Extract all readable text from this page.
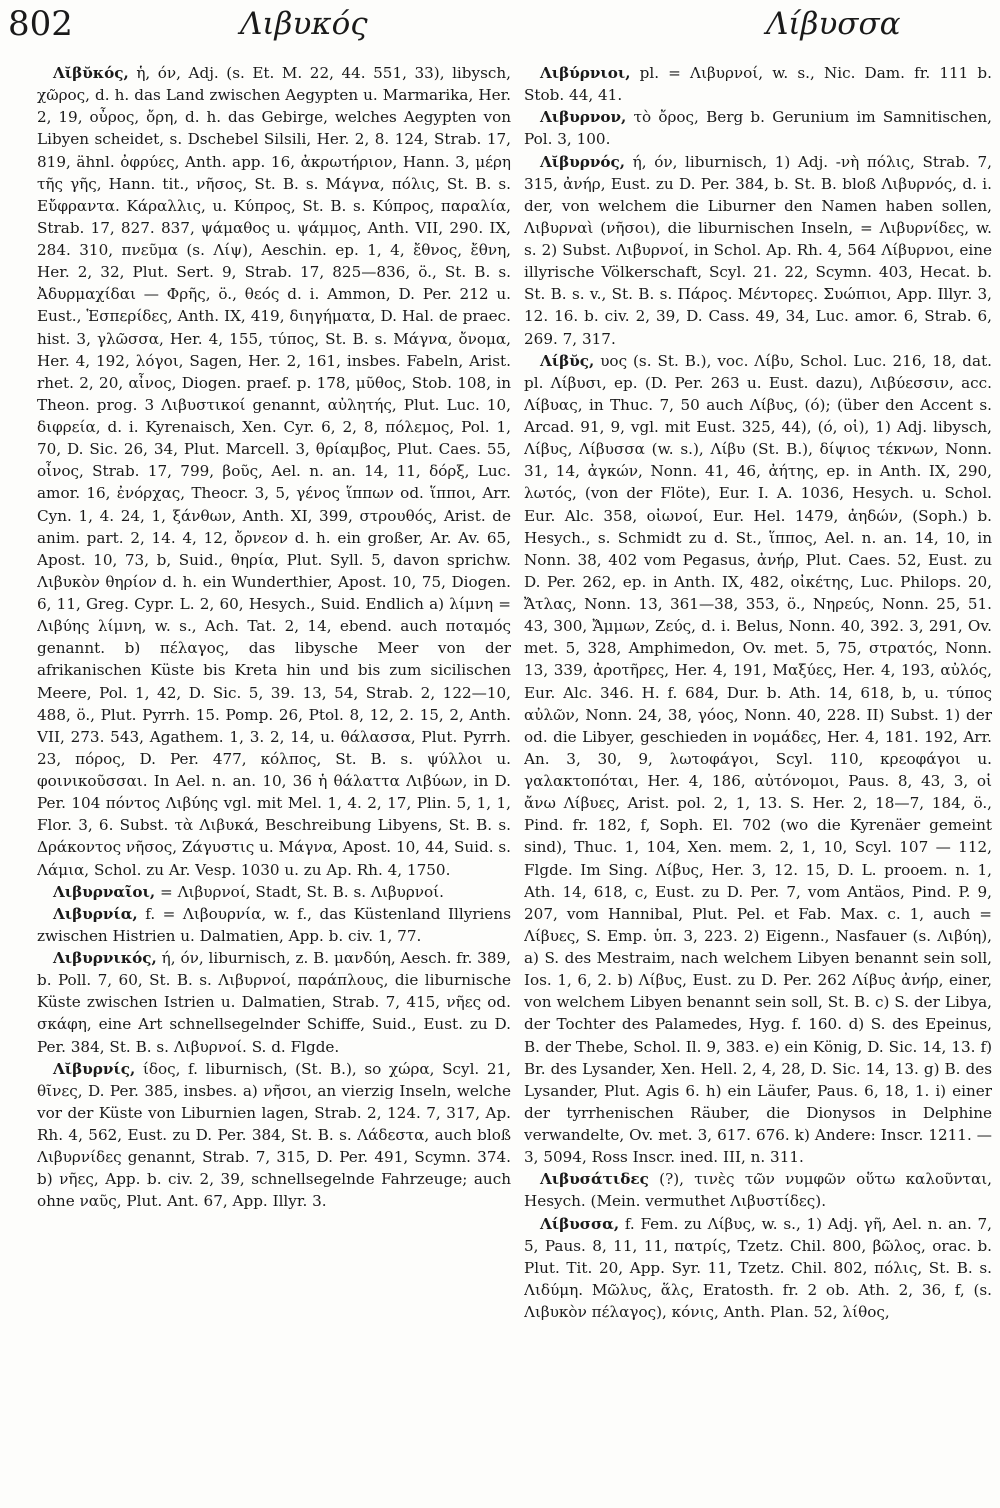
802	Λιβυκός	Λίβυσσα

Λῐβῠκός, ἡ, όν, Adj. (s. Et. M. 22, 44. 551, 33), libysch, χῶρος, d. h. das Land zwischen Aegypten u. Marmarika, Her. 2, 19, οὖρος, ὄρη, d. h. das Gebirge, welches Aegypten von Libyen scheidet, s. Dschebel Silsili, Her. 2, 8. 124, Strab. 17, 819, ähnl. ὀφρύες, Anth. app. 16, ἀκρωτήριον, Hann. 3, μέρη τῆς γῆς, Hann. tit., νῆσος, St. B. s. Μάγνα, πόλις, St. B. s. Εὔφραντα. Κάραλλις, u. Κύπρος, St. B. s. Κύπρος, παραλία, Strab. 17, 827. 837, ψάμαθος u. ψάμμος, Anth. VII, 290. IX, 284. 310, πνεῦμα (s. Λίψ), Aeschin. ep. 1, 4, ἔθνος, ἔθνη, Her. 2, 32, Plut. Sert. 9, Strab. 17, 825—836, ö., St. B. s. Ἀδυρμαχίδαι — Φρῆς, ö., θεός d. i. Ammon, D. Per. 212 u. Eust., Ἑσπερίδες, Anth. IX, 419, διηγήματα, D. Hal. de praec. hist. 3, γλῶσσα, Her. 4, 155, τύπος, St. B. s. Μάγνα, ὄνομα, Her. 4, 192, λόγοι, Sagen, Her. 2, 161, insbes. Fabeln, Arist. rhet. 2, 20, αἶνος, Diogen. praef. p. 178, μῦθος, Stob. 108, in Theon. prog. 3 Λιβυστικοί genannt, αὐλητής, Plut. Luc. 10, διφρεία, d. i. Kyrenaisch, Xen. Cyr. 6, 2, 8, πόλεμος, Pol. 1, 70, D. Sic. 26, 34, Plut. Marcell. 3, θρίαμβος, Plut. Caes. 55, οἶνος, Strab. 17, 799, βοῦς, Ael. n. an. 14, 11, δόρξ, Luc. amor. 16, ἐνόρχας, Theocr. 3, 5, γένος ἵππων od. ἵπποι, Arr. Cyn. 1, 4. 24, 1, ξάνθων, Anth. XI, 399, στρουθός, Arist. de anim. part. 2, 14. 4, 12, ὄρνεον d. h. ein großer, Ar. Av. 65, Apost. 10, 73, b, Suid., θηρία, Plut. Syll. 5, davon sprichw. Λιβυκὸν θηρίον d. h. ein Wunderthier, Apost. 10, 75, Diogen. 6, 11, Greg. Cypr. L. 2, 60, Hesych., Suid. Endlich a) λίμνη = Λιβύης λίμνη, w. s., Ach. Tat. 2, 14, ebend. auch ποταμός genannt. b) πέλαγος, das libysche Meer von der afrikanischen Küste bis Kreta hin und bis zum sicilischen Meere, Pol. 1, 42, D. Sic. 5, 39. 13, 54, Strab. 2, 122—10, 488, ö., Plut. Pyrrh. 15. Pomp. 26, Ptol. 8, 12, 2. 15, 2, Anth. VII, 273. 543, Agathem. 1, 3. 2, 14, u. θάλασσα, Plut. Pyrrh. 23, πόρος, D. Per. 477, κόλπος, St. B. s. ψύλλοι u. φοινικοῦσσαι. In Ael. n. an. 10, 36 ἡ θάλαττα Λιβύων, in D. Per. 104 πόντος Λιβύης vgl. mit Mel. 1, 4. 2, 17, Plin. 5, 1, 1, Flor. 3, 6. Subst. τὰ Λιβυκά, Beschreibung Libyens, St. B. s. Δράκοντος νῆσος, Ζάγυστις u. Μάγνα, Apost. 10, 44, Suid. s. Λάμια, Schol. zu Ar. Vesp. 1030 u. zu Ap. Rh. 4, 1750.

Λιβυρναῖοι, = Λιβυρνοί, Stadt, St. B. s. Λιβυρνοί.

Λιβυρνία, f. = Λιβουρνία, w. f., das Küstenland Illyriens zwischen Histrien u. Dalmatien, App. b. civ. 1, 77.

Λιβυρνικός, ή, όν, liburnisch, z. B. μανδύη, Aesch. fr. 389, b. Poll. 7, 60, St. B. s. Λιβυρνοί, παράπλους, die liburnische Küste zwischen Istrien u. Dalmatien, Strab. 7, 415, νῆες od. σκάφη, eine Art schnellsegelnder Schiffe, Suid., Eust. zu D. Per. 384, St. B. s. Λιβυρνοί. S. d. Flgde.

Λῐβυρνίς, ίδος, f. liburnisch, (St. B.), so χώρα, Scyl. 21, θῖνες, D. Per. 385, insbes. a) νῆσοι, an vierzig Inseln, welche vor der Küste von Liburnien lagen, Strab. 2, 124. 7, 317, Ap. Rh. 4, 562, Eust. zu D. Per. 384, St. B. s. Λάδεστα, auch bloß Λιβυρνίδες genannt, Strab. 7, 315, D. Per. 491, Scymn. 374. b) νῆες, App. b. civ. 2, 39, schnellsegelnde Fahrzeuge; auch ohne ναῦς, Plut. Ant. 67, App. Illyr. 3.

Λιβύρνιοι, pl. = Λιβυρνοί, w. s., Nic. Dam. fr. 111 b. Stob. 44, 41.

Λιβυρνον, τὸ ὄρος, Berg b. Gerunium im Samnitischen, Pol. 3, 100.

Λῐβυρνός, ή, όν, liburnisch, 1) Adj. -νὴ πόλις, Strab. 7, 315, ἀνήρ, Eust. zu D. Per. 384, b. St. B. bloß Λιβυρνός, d. i. der, von welchem die Liburner den Namen haben sollen, Λιβυρναὶ (νῆσοι), die liburnischen Inseln, = Λιβυρνίδες, w. s. 2) Subst. Λιβυρνοί, in Schol. Ap. Rh. 4, 564 Λίβυρνοι, eine illyrische Völkerschaft, Scyl. 21. 22, Scymn. 403, Hecat. b. St. B. s. v., St. B. s. Πάρος. Μέντορες. Συώπιοι, App. Illyr. 3, 12. 16. b. civ. 2, 39, D. Cass. 49, 34, Luc. amor. 6, Strab. 6, 269. 7, 317.

Λίβῠς, υος (s. St. B.), voc. Λίβυ, Schol. Luc. 216, 18, dat. pl. Λίβυσι, ep. (D. Per. 263 u. Eust. dazu), Λιβύεσσιν, acc. Λίβυας, in Thuc. 7, 50 auch Λίβυς, (ό); (über den Accent s. Arcad. 91, 9, vgl. mit Eust. 325, 44), (ό, οἱ), 1) Adj. libysch, Λίβυς, Λίβυσσα (w. s.), Λίβυ (St. B.), δίψιος τέκνων, Nonn. 31, 14, ἀγκών, Nonn. 41, 46, ἀήτης, ep. in Anth. IX, 290, λωτός, (von der Flöte), Eur. I. A. 1036, Hesych. u. Schol. Eur. Alc. 358, οἰωνοί, Eur. Hel. 1479, ἀηδών, (Soph.) b. Hesych., s. Schmidt zu d. St., ἵππος, Ael. n. an. 14, 10, in Nonn. 38, 402 vom Pegasus, ἀνήρ, Plut. Caes. 52, Eust. zu D. Per. 262, ep. in Anth. IX, 482, οἰκέτης, Luc. Philops. 20, Ἄτλας, Nonn. 13, 361—38, 353, ö., Νηρεύς, Nonn. 25, 51. 43, 300, Ἄμμων, Ζεύς, d. i. Belus, Nonn. 40, 392. 3, 291, Ov. met. 5, 328, Amphimedon, Ov. met. 5, 75, στρατός, Nonn. 13, 339, ἀροτῆρες, Her. 4, 191, Μαξύες, Her. 4, 193, αὐλός, Eur. Alc. 346. H. f. 684, Dur. b. Ath. 14, 618, b, u. τύπος αὐλῶν, Nonn. 24, 38, γόος, Nonn. 40, 228. II) Subst. 1) der od. die Libyer, geschieden in νομάδες, Her. 4, 181. 192, Arr. An. 3, 30, 9, λωτοφάγοι, Scyl. 110, κρεοφάγοι u. γαλακτοπόται, Her. 4, 186, αὐτόνομοι, Paus. 8, 43, 3, οἱ ἄνω Λίβυες, Arist. pol. 2, 1, 13. S. Her. 2, 18—7, 184, ö., Pind. fr. 182, f, Soph. El. 702 (wo die Kyrenäer gemeint sind), Thuc. 1, 104, Xen. mem. 2, 1, 10, Scyl. 107 — 112, Flgde. Im Sing. Λίβυς, Her. 3, 12. 15, D. L. prooem. n. 1, Ath. 14, 618, c, Eust. zu D. Per. 7, vom Antäos, Pind. P. 9, 207, vom Hannibal, Plut. Pel. et Fab. Max. c. 1, auch = Λίβυες, S. Emp. ὑπ. 3, 223. 2) Eigenn., Nasfauer (s. Λιβύη), a) S. des Mestraim, nach welchem Libyen benannt sein soll, Ios. 1, 6, 2. b) Λίβυς, Eust. zu D. Per. 262 Λίβυς ἀνήρ, einer, von welchem Libyen benannt sein soll, St. B. c) S. der Libya, der Tochter des Palamedes, Hyg. f. 160. d) S. des Epeinus, B. der Thebe, Schol. Il. 9, 383. e) ein König, D. Sic. 14, 13. f) Br. des Lysander, Xen. Hell. 2, 4, 28, D. Sic. 14, 13. g) B. des Lysander, Plut. Agis 6. h) ein Läufer, Paus. 6, 18, 1. i) einer der tyrrhenischen Räuber, die Dionysos in Delphine verwandelte, Ov. met. 3, 617. 676. k) Andere: Inscr. 1211. — 3, 5094, Ross Inscr. ined. III, n. 311.

Λιβυσάτιδες (?), τινὲς τῶν νυμφῶν οὕτω καλοῦνται, Hesych. (Mein. vermuthet Λιβυστίδες).

Λίβυσσα, f. Fem. zu Λίβυς, w. s., 1) Adj. γῆ, Ael. n. an. 7, 5, Paus. 8, 11, 11, πατρίς, Tzetz. Chil. 800, βῶλος, orac. b. Plut. Tit. 20, App. Syr. 11, Tzetz. Chil. 802, πόλις, St. B. s. Λιδύμη. Μῶλυς, ἅλς, Eratosth. fr. 2 ob. Ath. 2, 36, f, (s. Λιβυκὸν πέλαγος), κόνις, Anth. Plan. 52, λίθος,
